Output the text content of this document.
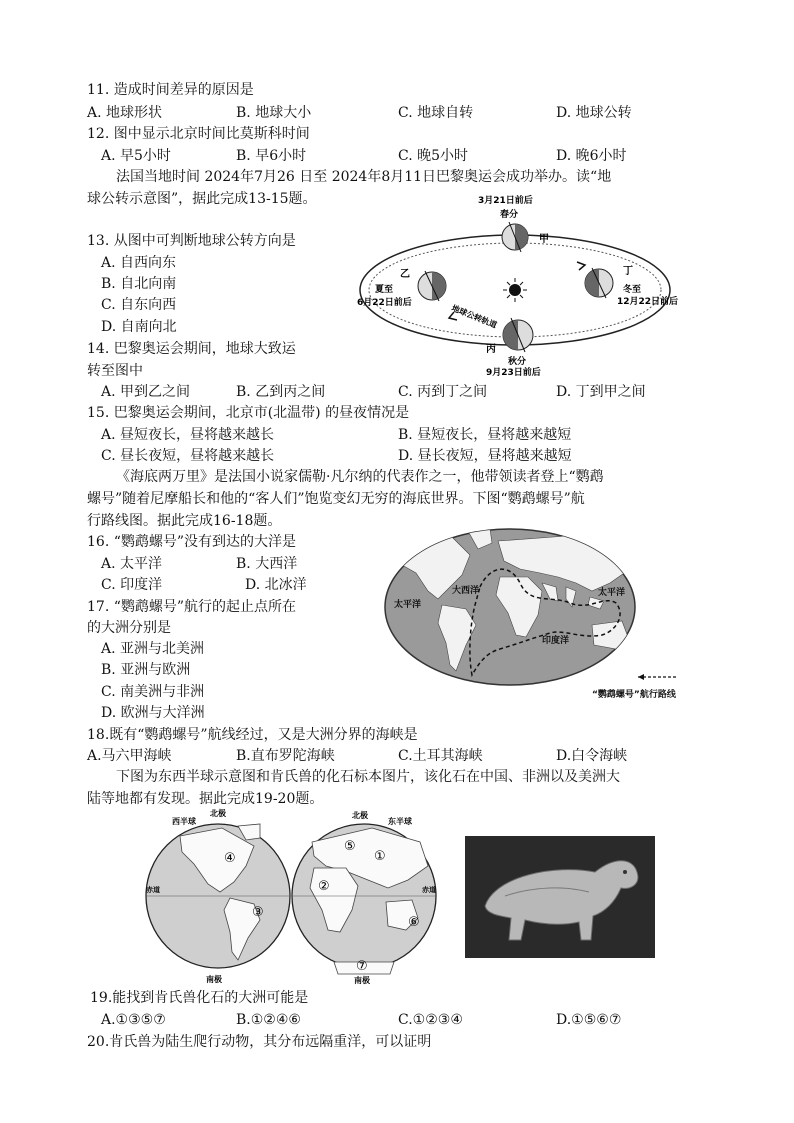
11. 造成时间差异的原因是
A. 地球形状	B. 地球大小	C. 地球自转	D. 地球公转
12. 图中显示北京时间比莫斯科时间
A. 早5小时	B. 早6小时	C. 晚5小时	D. 晚6小时
法国当地时间 2024年7月26 日至 2024年8月11日巴黎奥运会成功举办。读“地
球公转示意图”，据此完成13-15题。	3月21日前后
春分
甲
乙
夏至
6月22日前后
丁
冬至
12月22日前后
丙
秋分
9月23日前后
地球公转轨道
13. 从图中可判断地球公转方向是
A. 自西向东
B. 自北向南
C. 自东向西
D. 自南向北
14. 巴黎奥运会期间，地球大致运
转至图中
A. 甲到乙之间	B. 乙到丙之间	C. 丙到丁之间	D. 丁到甲之间
15. 巴黎奥运会期间，北京市(北温带) 的昼夜情况是
A. 昼短夜长，昼将越来越长	B. 昼短夜长，昼将越来越短
C. 昼长夜短，昼将越来越长	D. 昼长夜短，昼将越来越短
《海底两万里》是法国小说家儒勒·凡尔纳的代表作之一，他带领读者登上“鹦鹉
螺号”随着尼摩船长和他的“客人们”饱览变幻无穷的海底世界。下图“鹦鹉螺号”航
行路线图。据此完成16-18题。
太平洋
大西洋
印度洋
太平洋
“鹦鹉螺号”航行路线
16. “鹦鹉螺号”没有到达的大洋是
A. 太平洋	B. 大西洋
C. 印度洋	D. 北冰洋
17. “鹦鹉螺号”航行的起止点所在
的大洲分别是
A. 亚洲与北美洲
B. 亚洲与欧洲
C. 南美洲与非洲
D. 欧洲与大洋洲
18.既有“鹦鹉螺号”航线经过，又是大洲分界的海峡是
A.马六甲海峡	B.直布罗陀海峡	C.土耳其海峡	D.白令海峡
下图为东西半球示意图和肯氏兽的化石标本图片，该化石在中国、非洲以及美洲大
陆等地都有发现。据此完成19-20题。
西半球
北极	北极
东半球
赤道	赤道
南极	南极
④
③
①
②
⑤
⑥
⑦
19.能找到肯氏兽化石的大洲可能是
A.①③⑤⑦	B.①②④⑥	C.①②③④	D.①⑤⑥⑦
20.肯氏兽为陆生爬行动物，其分布远隔重洋，可以证明
